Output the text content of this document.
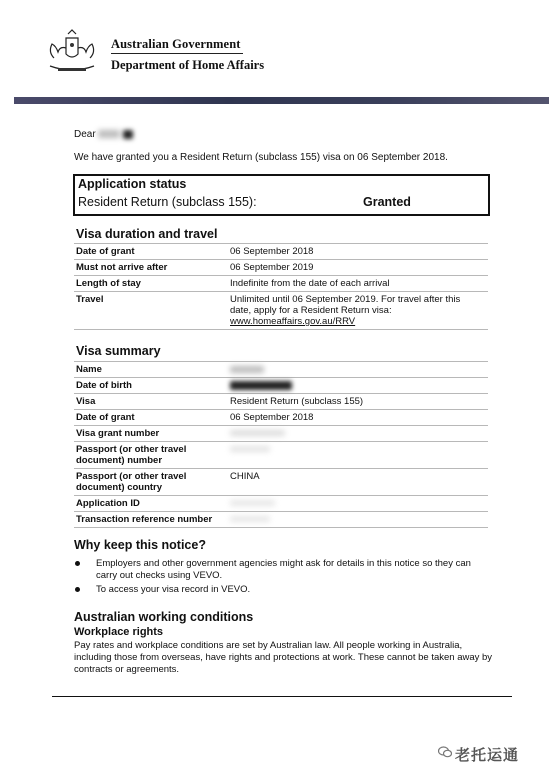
Australian Government
Department of Home Affairs
Dear
We have granted you a Resident Return (subclass 155) visa on 06 September 2018.
Application status
Resident Return (subclass 155):	Granted
Visa duration and travel
Date of grant	06 September 2018
Must not arrive after	06 September 2019
Length of stay	Indefinite from the date of each arrival
Travel	Unlimited until 06 September 2019. For travel after this date, apply for a Resident Return visa:
www.homeaffairs.gov.au/RRV
Visa summary
Name	
Date of birth	
Visa	Resident Return (subclass 155)
Date of grant	06 September 2018
Visa grant number	
Passport (or other travel document) number	
Passport (or other travel document) country	CHINA
Application ID	
Transaction reference number	
Why keep this notice?
Employers and other government agencies might ask for details in this notice so they can carry out checks using VEVO.
To access your visa record in VEVO.
Australian working conditions
Workplace rights
Pay rates and workplace conditions are set by Australian law. All people working in Australia, including those from overseas, have rights and protections at work. These cannot be taken away by contracts or agreements.
老托运通
